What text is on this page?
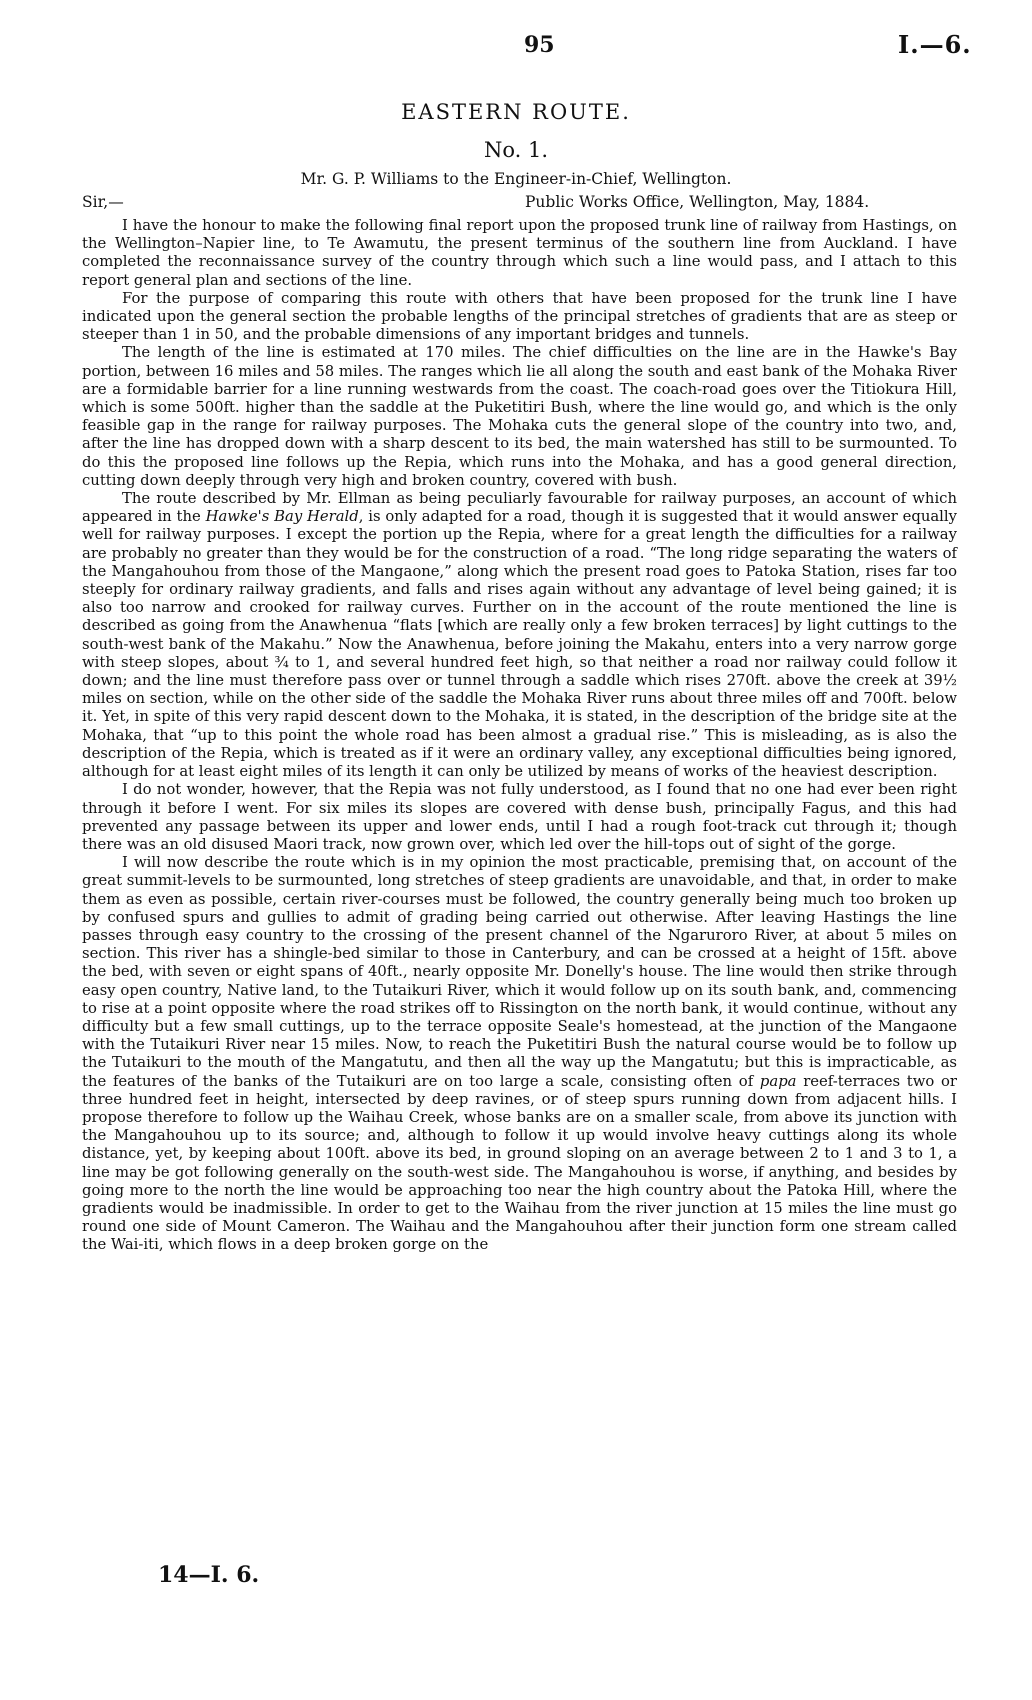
95	I.—6.
EASTERN ROUTE.
No. 1.
Mr. G. P. Williams to the Engineer-in-Chief, Wellington.
Sir,—	Public Works Office, Wellington, May, 1884.

I have the honour to make the following final report upon the proposed trunk line of railway from Hastings, on the Wellington–Napier line, to Te Awamutu, the present terminus of the southern line from Auckland. I have completed the reconnaissance survey of the country through which such a line would pass, and I attach to this report general plan and sections of the line.

For the purpose of comparing this route with others that have been proposed for the trunk line I have indicated upon the general section the probable lengths of the principal stretches of gradients that are as steep or steeper than 1 in 50, and the probable dimensions of any important bridges and tunnels.

The length of the line is estimated at 170 miles. The chief difficulties on the line are in the Hawke's Bay portion, between 16 miles and 58 miles. The ranges which lie all along the south and east bank of the Mohaka River are a formidable barrier for a line running westwards from the coast. The coach-road goes over the Titiokura Hill, which is some 500ft. higher than the saddle at the Puketitiri Bush, where the line would go, and which is the only feasible gap in the range for railway purposes. The Mohaka cuts the general slope of the country into two, and, after the line has dropped down with a sharp descent to its bed, the main watershed has still to be surmounted. To do this the proposed line follows up the Repia, which runs into the Mohaka, and has a good general direction, cutting down deeply through very high and broken country, covered with bush.

The route described by Mr. Ellman as being peculiarly favourable for railway purposes, an account of which appeared in the Hawke's Bay Herald, is only adapted for a road, though it is suggested that it would answer equally well for railway purposes. I except the portion up the Repia, where for a great length the difficulties for a railway are probably no greater than they would be for the construction of a road. “The long ridge separating the waters of the Mangahouhou from those of the Mangaone,” along which the present road goes to Patoka Station, rises far too steeply for ordinary railway gradients, and falls and rises again without any advantage of level being gained; it is also too narrow and crooked for railway curves. Further on in the account of the route mentioned the line is described as going from the Anawhenua “flats [which are really only a few broken terraces] by light cuttings to the south-west bank of the Makahu.” Now the Anawhenua, before joining the Makahu, enters into a very narrow gorge with steep slopes, about ¾ to 1, and several hundred feet high, so that neither a road nor railway could follow it down; and the line must therefore pass over or tunnel through a saddle which rises 270ft. above the creek at 39½ miles on section, while on the other side of the saddle the Mohaka River runs about three miles off and 700ft. below it. Yet, in spite of this very rapid descent down to the Mohaka, it is stated, in the description of the bridge site at the Mohaka, that “up to this point the whole road has been almost a gradual rise.” This is misleading, as is also the description of the Repia, which is treated as if it were an ordinary valley, any exceptional difficulties being ignored, although for at least eight miles of its length it can only be utilized by means of works of the heaviest description.

I do not wonder, however, that the Repia was not fully understood, as I found that no one had ever been right through it before I went. For six miles its slopes are covered with dense bush, principally Fagus, and this had prevented any passage between its upper and lower ends, until I had a rough foot-track cut through it; though there was an old disused Maori track, now grown over, which led over the hill-tops out of sight of the gorge.

I will now describe the route which is in my opinion the most practicable, premising that, on account of the great summit-levels to be surmounted, long stretches of steep gradients are unavoidable, and that, in order to make them as even as possible, certain river-courses must be followed, the country generally being much too broken up by confused spurs and gullies to admit of grading being carried out otherwise. After leaving Hastings the line passes through easy country to the crossing of the present channel of the Ngaruroro River, at about 5 miles on section. This river has a shingle-bed similar to those in Canterbury, and can be crossed at a height of 15ft. above the bed, with seven or eight spans of 40ft., nearly opposite Mr. Donelly's house. The line would then strike through easy open country, Native land, to the Tutaikuri River, which it would follow up on its south bank, and, commencing to rise at a point opposite where the road strikes off to Rissington on the north bank, it would continue, without any difficulty but a few small cuttings, up to the terrace opposite Seale's homestead, at the junction of the Mangaone with the Tutaikuri River near 15 miles. Now, to reach the Puketitiri Bush the natural course would be to follow up the Tutaikuri to the mouth of the Mangatutu, and then all the way up the Mangatutu; but this is impracticable, as the features of the banks of the Tutaikuri are on too large a scale, consisting often of papa reef-terraces two or three hundred feet in height, intersected by deep ravines, or of steep spurs running down from adjacent hills. I propose therefore to follow up the Waihau Creek, whose banks are on a smaller scale, from above its junction with the Mangahouhou up to its source; and, although to follow it up would involve heavy cuttings along its whole distance, yet, by keeping about 100ft. above its bed, in ground sloping on an average between 2 to 1 and 3 to 1, a line may be got following generally on the south-west side. The Mangahouhou is worse, if anything, and besides by going more to the north the line would be approaching too near the high country about the Patoka Hill, where the gradients would be inadmissible. In order to get to the Waihau from the river junction at 15 miles the line must go round one side of Mount Cameron. The Waihau and the Mangahouhou after their junction form one stream called the Wai-iti, which flows in a deep broken gorge on the

14—I. 6.
